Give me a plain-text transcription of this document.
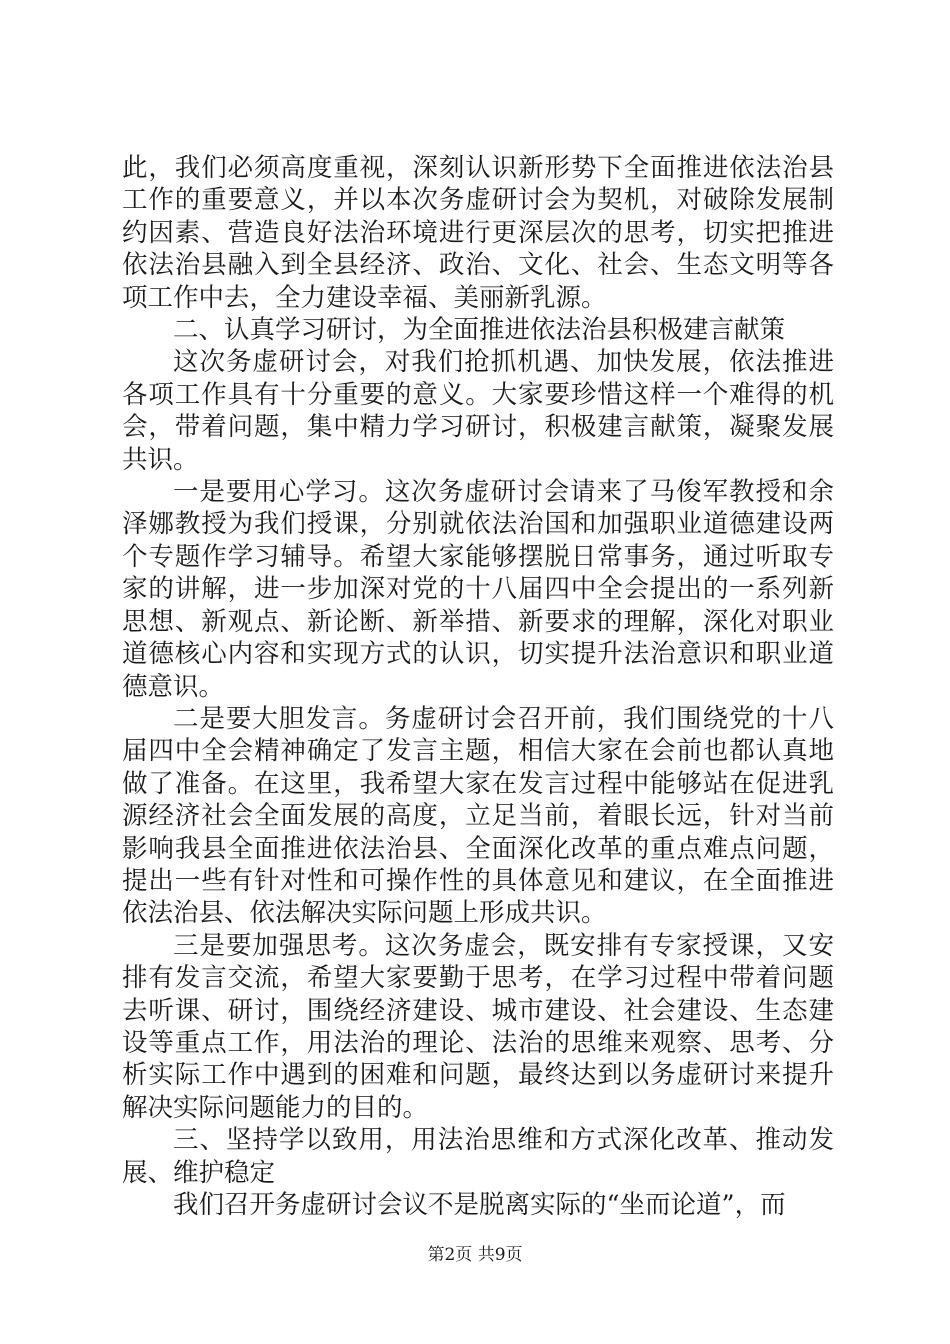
此，我们必须高度重视，深刻认识新形势下全面推进依法治县工作的重要意义，并以本次务虚研讨会为契机，对破除发展制约因素、营造良好法治环境进行更深层次的思考，切实把推进依法治县融入到全县经济、政治、文化、社会、生态文明等各项工作中去，全力建设幸福、美丽新乳源。

二、认真学习研讨，为全面推进依法治县积极建言献策

这次务虚研讨会，对我们抢抓机遇、加快发展，依法推进各项工作具有十分重要的意义。大家要珍惜这样一个难得的机会，带着问题，集中精力学习研讨，积极建言献策，凝聚发展共识。

一是要用心学习。这次务虚研讨会请来了马俊军教授和余泽娜教授为我们授课，分别就依法治国和加强职业道德建设两个专题作学习辅导。希望大家能够摆脱日常事务，通过听取专家的讲解，进一步加深对党的十八届四中全会提出的一系列新思想、新观点、新论断、新举措、新要求的理解，深化对职业道德核心内容和实现方式的认识，切实提升法治意识和职业道德意识。

二是要大胆发言。务虚研讨会召开前，我们围绕党的十八届四中全会精神确定了发言主题，相信大家在会前也都认真地做了准备。在这里，我希望大家在发言过程中能够站在促进乳源经济社会全面发展的高度，立足当前，着眼长远，针对当前影响我县全面推进依法治县、全面深化改革的重点难点问题，提出一些有针对性和可操作性的具体意见和建议，在全面推进依法治县、依法解决实际问题上形成共识。

三是要加强思考。这次务虚会，既安排有专家授课，又安排有发言交流，希望大家要勤于思考，在学习过程中带着问题去听课、研讨，围绕经济建设、城市建设、社会建设、生态建设等重点工作，用法治的理论、法治的思维来观察、思考、分析实际工作中遇到的困难和问题，最终达到以务虚研讨来提升解决实际问题能力的目的。

三、坚持学以致用，用法治思维和方式深化改革、推动发展、维护稳定

我们召开务虚研讨会议不是脱离实际的“坐而论道”，而

第2页 共9页
